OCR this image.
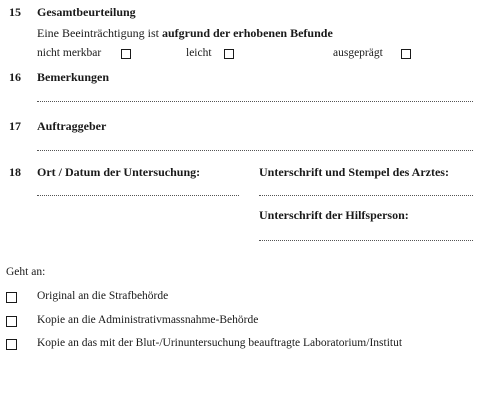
15 Gesamtbeurteilung
Eine Beeinträchtigung ist aufgrund der erhobenen Befunde
nicht merkbar	leicht	ausgeprägt
16 Bemerkungen
17 Auftraggeber
18 Ort / Datum der Untersuchung:	Unterschrift und Stempel des Arztes:
Unterschrift der Hilfsperson:
Geht an:
Original an die Strafbehörde
Kopie an die Administrativmassnahme-Behörde
Kopie an das mit der Blut-/Urinuntersuchung beauftragte Laboratorium/Institut
